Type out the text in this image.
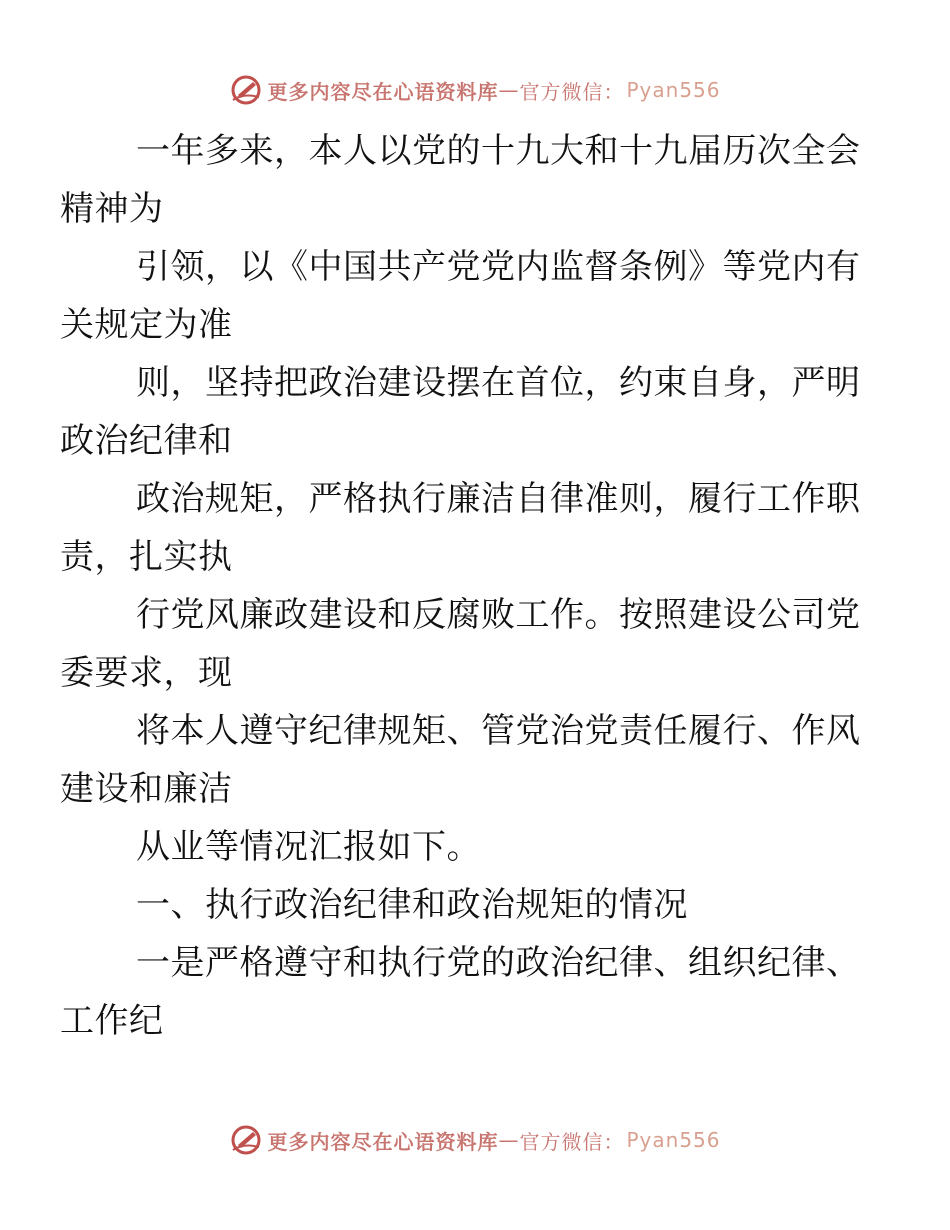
更多内容尽在心语资料库 — 官方微信： Pyan556

一年多来，本人以党的十九大和十九届历次全会
精神为

引领，以《中国共产党党内监督条例》等党内有
关规定为准

则，坚持把政治建设摆在首位，约束自身，严明
政治纪律和

政治规矩，严格执行廉洁自律准则，履行工作职
责，扎实执

行党风廉政建设和反腐败工作。按照建设公司党
委要求，现

将本人遵守纪律规矩、管党治党责任履行、作风
建设和廉洁

从业等情况汇报如下。

一、执行政治纪律和政治规矩的情况

一是严格遵守和执行党的政治纪律、组织纪律、
工作纪

更多内容尽在心语资料库 — 官方微信： Pyan556
